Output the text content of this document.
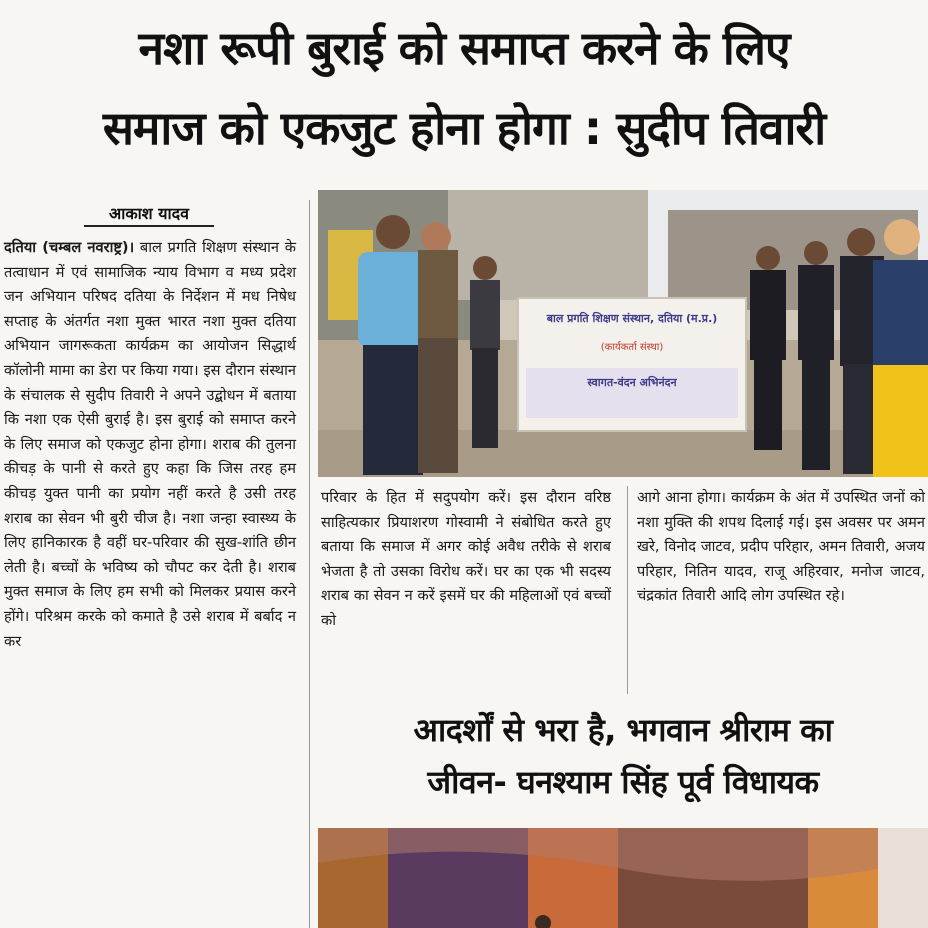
नशा रूपी बुराई को समाप्त करने के लिए
समाज को एकजुट होना होगा : सुदीप तिवारी
आकाश यादव

दतिया (चम्बल नवराष्ट्र)। बाल प्रगति शिक्षण संस्थान के तत्वाधान में एवं सामाजिक न्याय विभाग व मध्य प्रदेश जन अभियान परिषद दतिया के निर्देशन में मध निषेध सप्ताह के अंतर्गत नशा मुक्त भारत नशा मुक्त दतिया अभियान जागरूकता कार्यक्रम का आयोजन सिद्धार्थ कॉलोनी मामा का डेरा पर किया गया। इस दौरान संस्थान के संचालक से सुदीप तिवारी ने अपने उद्बोधन में बताया कि नशा एक ऐसी बुराई है। इस बुराई को समाप्त करने के लिए समाज को एकजुट होना होगा। शराब की तुलना कीचड़ के पानी से करते हुए कहा कि जिस तरह हम कीचड़ युक्त पानी का प्रयोग नहीं करते है उसी तरह शराब का सेवन भी बुरी चीज है। नशा जन्हा स्वास्थ्य के लिए हानिकारक है वहीं घर-परिवार की सुख-शांति छीन लेती है। बच्चों के भविष्य को चौपट कर देती है। शराब मुक्त समाज के लिए हम सभी को मिलकर प्रयास करने होंगे। परिश्रम करके को कमाते है उसे शराब में बर्बाद न कर

बाल प्रगति शिक्षण संस्थान, दतिया (म.प्र.)
(कार्यकर्ता संस्था)
स्वागत-वंदन अभिनंदन

परिवार के हित में सदुपयोग करें। इस दौरान वरिष्ठ साहित्यकार प्रियाशरण गोस्वामी ने संबोधित करते हुए बताया कि समाज में अगर कोई अवैध तरीके से शराब भेजता है तो उसका विरोध करें। घर का एक भी सदस्य शराब का सेवन न करें इसमें घर की महिलाओं एवं बच्चों को

आगे आना होगा। कार्यक्रम के अंत में उपस्थित जनों को नशा मुक्ति की शपथ दिलाई गई। इस अवसर पर अमन खरे, विनोद जाटव, प्रदीप परिहार, अमन तिवारी, अजय परिहार, नितिन यादव, राजू अहिरवार, मनोज जाटव, चंद्रकांत तिवारी आदि लोग उपस्थित रहे।

आदर्शों से भरा है, भगवान श्रीराम का
जीवन- घनश्याम सिंह पूर्व विधायक
